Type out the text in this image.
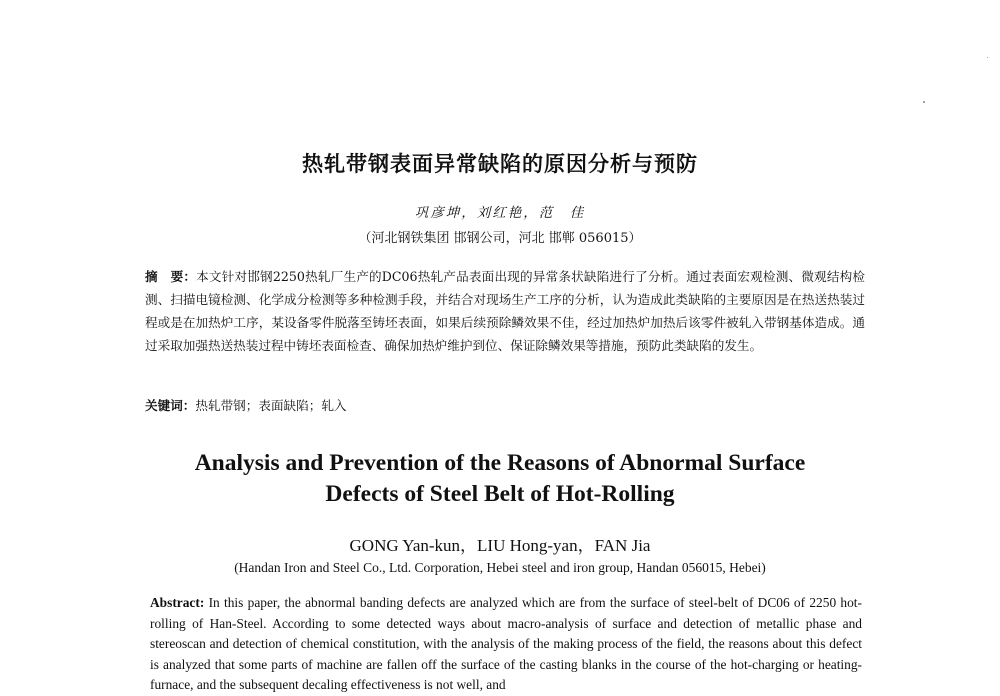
热轧带钢表面异常缺陷的原因分析与预防
巩彦坤，刘红艳，范　佳
（河北钢铁集团 邯钢公司，河北 邯郸 056015）

摘　要：本文针对邯钢2250热轧厂生产的DC06热轧产品表面出现的异常条状缺陷进行了分析。通过表面宏观检测、微观结构检测、扫描电镜检测、化学成分检测等多种检测手段，并结合对现场生产工序的分析，认为造成此类缺陷的主要原因是在热送热装过程或是在加热炉工序，某设备零件脱落至铸坯表面，如果后续预除鳞效果不佳，经过加热炉加热后该零件被轧入带钢基体造成。通过采取加强热送热装过程中铸坯表面检查、确保加热炉维护到位、保证除鳞效果等措施，预防此类缺陷的发生。

关键词：热轧带钢；表面缺陷；轧入

Analysis and Prevention of the Reasons of Abnormal Surface
Defects of Steel Belt of Hot-Rolling
GONG Yan-kun，LIU Hong-yan，FAN Jia
(Handan Iron and Steel Co., Ltd. Corporation, Hebei steel and iron group, Handan 056015, Hebei)

Abstract: In this paper, the abnormal banding defects are analyzed which are from the surface of steel-belt of DC06 of 2250 hot-rolling of Han-Steel. According to some detected ways about macro-analysis of surface and detection of metallic phase and stereoscan and detection of chemical constitution, with the analysis of the making process of the field, the reasons about this defect is analyzed that some parts of machine are fallen off the surface of the casting blanks in the course of the hot-charging or heating-furnace, and the subsequent decaling effectiveness is not well, and
